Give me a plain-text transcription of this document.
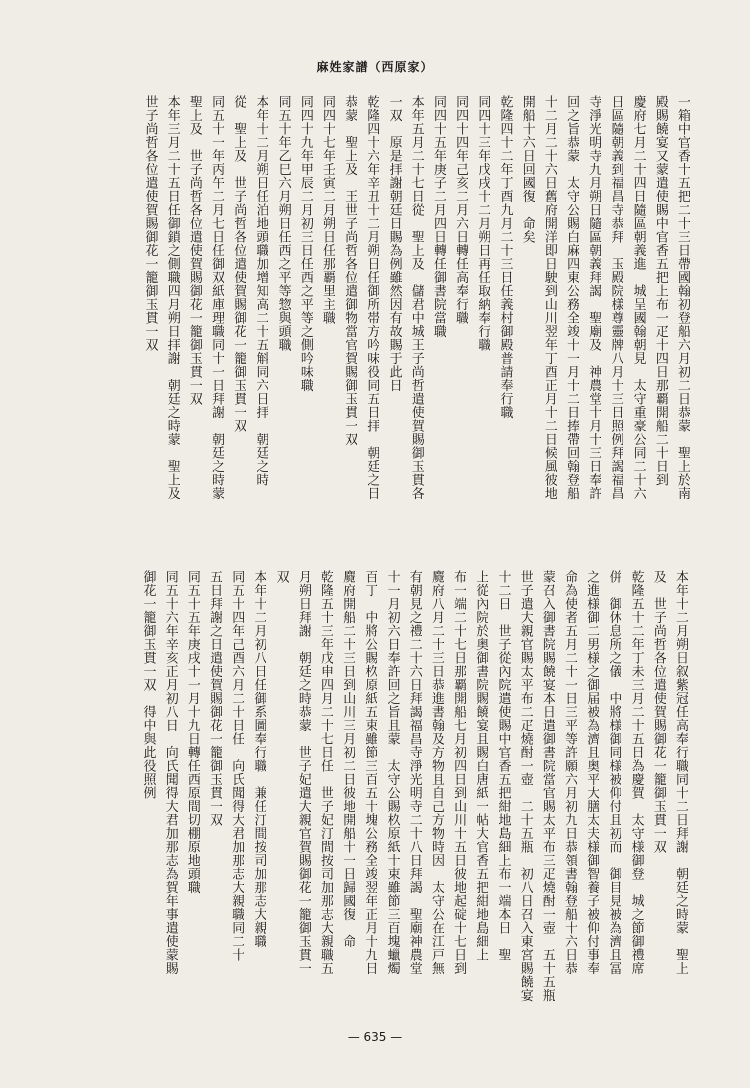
麻姓家譜（西原家）
一箱中官香十五把二十三日帶國翰初登船六月初二日恭蒙　聖上於南
殿賜饒宴又蒙遣使賜中官香五把上布一疋十四日那覇開船二十日到
慶府七月二十四日隨區朝義進　城呈國翰朝見　太守重豪公同二十六
日區隨朝義到福昌寺恭拜　玉殿院樣尊靈牌八月十三日照例拜謁福昌
寺淨光明寺九月朔日隨區朝義拜謁　聖廟及　神農堂十月十三日奉許
回之旨恭蒙　太守公賜白麻四東公務全竣十一月十二日捧帶回翰登船
十二月二十六日舊府開洋即日駛到山川翌年丁酉正月十二日候風彼地
開船十六日回國復　命矣
乾隆四十二年丁酉九月二十三日任義村御殿普請奉行職
同四十三年戊戌十二月朔日再任取納奉行職
同四十四年己亥二月六日轉任高奉行職
同四十五年庚子二月四日轉任御書院當職
本年五月二十七日從　聖上及　儲君中城王子尚哲遣使賀賜御玉貫各
一双　原是拝謝朝廷日賜為例雖然因有故賜于此日
乾隆四十六年辛丑十二月朔日任御所帯方吟味役同五日拝　朝廷之日
恭蒙　聖上及　王世子尚哲各位遣御物當官賀賜御玉貫一双
同四十七年壬寅二月朔日任那覇里主職
同四十九年甲辰二月初三日任西之平等之側吟味職
同五十年乙巳六月朔日任西之平等惣與頭職
本年十二月朔日任泊地頭職加增知高二十五斛同六日拝　朝廷之時
從　聖上及　世子尚哲各位遣使賀賜御花一籠御玉貫一双
同五十一年丙午二月七日任御双紙庫理職同十一日拜謝　朝廷之時蒙
聖上及　世子尚哲各位遣使賀賜御花一籠御玉貫一双
本年三月二十五日任御鎖之側職四月朔日拝謝　朝廷之時蒙　聖上及
世子尚哲各位遣使賀賜御花一籠御玉貫一双
本年十二月朔日叙紫冠任高奉行職同十二日拜謝　朝廷之時蒙　聖上
及　世子尚哲各位遣使賀賜御花一籠御玉貫一双
乾隆五十二年丁未三月二十五日為慶賀　太守様御登　城之節御禮席
併　御休息所之儀　中將様御同様被仰付且初而　御目見被為濟且冨
之進様御二男様之御届被為濟且奥平大膳太夫様御智養子被仰付事奉
命為使者五月二十一日三平等許願六月初九日恭領書翰登船十六日恭
蒙召入御書院賜饒宴本日遣御書院當官賜太平布三疋燒酎一壺　五十五瓶
世子遣大親官賜太平布二疋燒酎一壺　二十五瓶　初八日召入東宮賜饒宴
十二日　世子從內院遣使賜中官香五把紺地島細上布一端本日　聖
上從內院於奥御書院賜饒宴且賜白唐紙一帖大官香五把紺地島細上
布一端二十七日那覇開船七月初四日到山川十五日彼地起碇十七日到
麑府八月二十三日恭進書翰及方物且自己方物時因　太守公在江戸無
有朝見之禮二十六日拜謁福昌寺淨光明寺二十八日拜謁　聖廟神農堂
十一月初六日奉許回之旨且蒙　太守公賜杦原紙十束雖節三百塊蠟燭
百丁　中將公賜杦原紙五束雖節三百五十塊公務全竣翌年正月十九日
麑府開船二十三日到山川三月初二日彼地開船十一日歸國復　命
乾隆五十三年戊申四月二十七日任　世子妃汀間按司加那志大親職五
月朔日拜謝　朝廷之時恭蒙　世子妃遣大親官賀賜御花一籠御玉貫一
双
本年十二月初八日任御系圖奉行職　兼任汀間按司加那志大親職
同五十四年己酉六月二十日任　向氏聞得大君加那志大親職同二十
五日拜謝之日遣使賀賜御花一籠御玉貫一双
同五十五年庚戌十一月十九日轉任西原間切棚原地頭職
同五十六年辛亥正月初八日　向氏聞得大君加那志為賀年事遣使蒙賜
御花一籠御玉貫一双　得中與此役照例
— 635 —
